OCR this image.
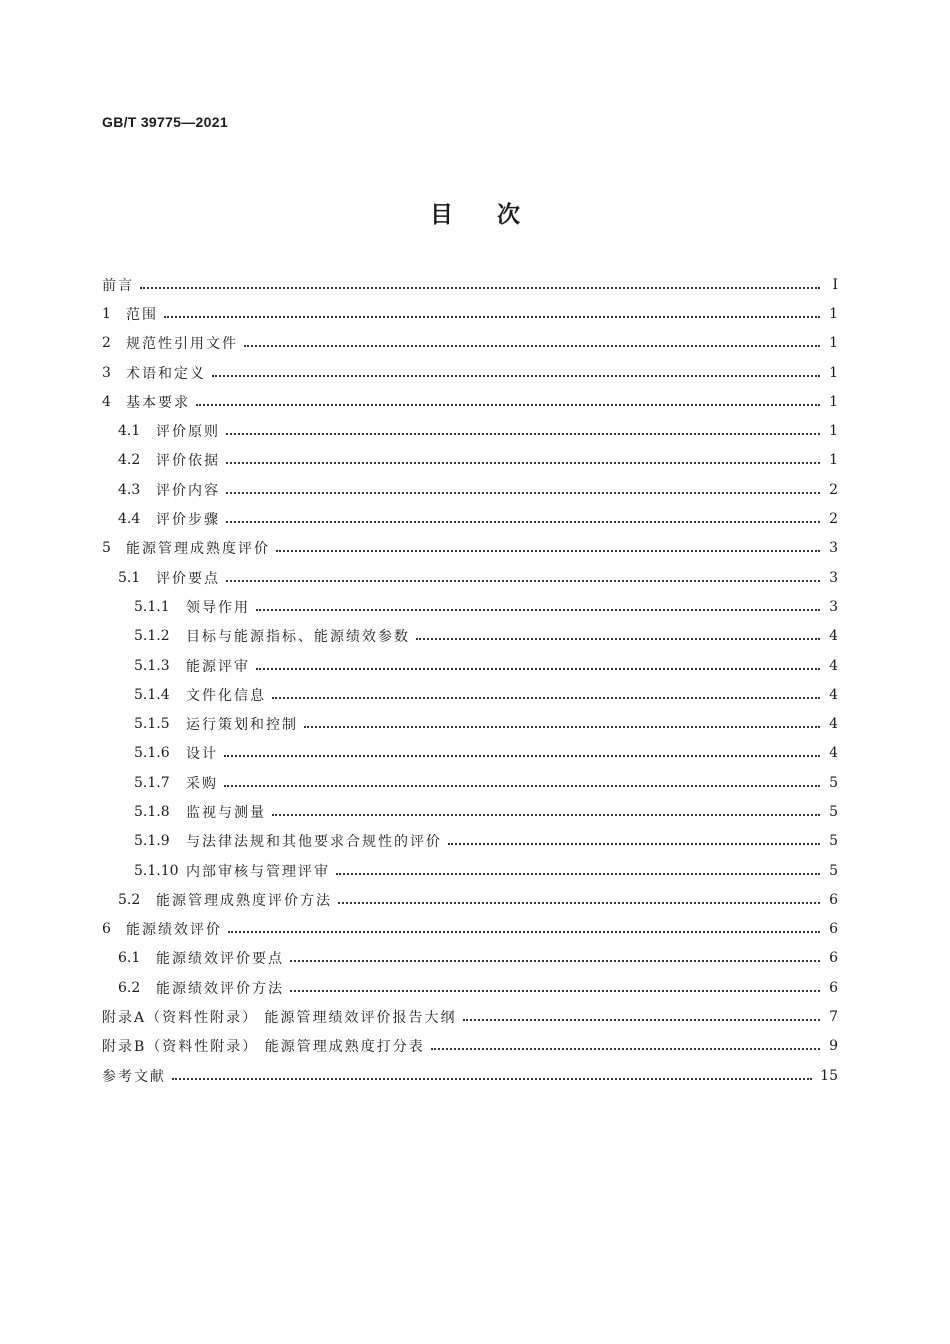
GB/T 39775—2021
目次
前言	Ⅰ
1	范围	1
2	规范性引用文件	1
3	术语和定义	1
4	基本要求	1
4.1	评价原则	1
4.2	评价依据	1
4.3	评价内容	2
4.4	评价步骤	2
5	能源管理成熟度评价	3
5.1	评价要点	3
5.1.1	领导作用	3
5.1.2	目标与能源指标、能源绩效参数	4
5.1.3	能源评审	4
5.1.4	文件化信息	4
5.1.5	运行策划和控制	4
5.1.6	设计	4
5.1.7	采购	5
5.1.8	监视与测量	5
5.1.9	与法律法规和其他要求合规性的评价	5
5.1.10 内部审核与管理评审	5
5.2	能源管理成熟度评价方法	6
6	能源绩效评价	6
6.1	能源绩效评价要点	6
6.2	能源绩效评价方法	6
附录A（资料性附录） 能源管理绩效评价报告大纲	7
附录B（资料性附录） 能源管理成熟度打分表	9
参考文献	15
